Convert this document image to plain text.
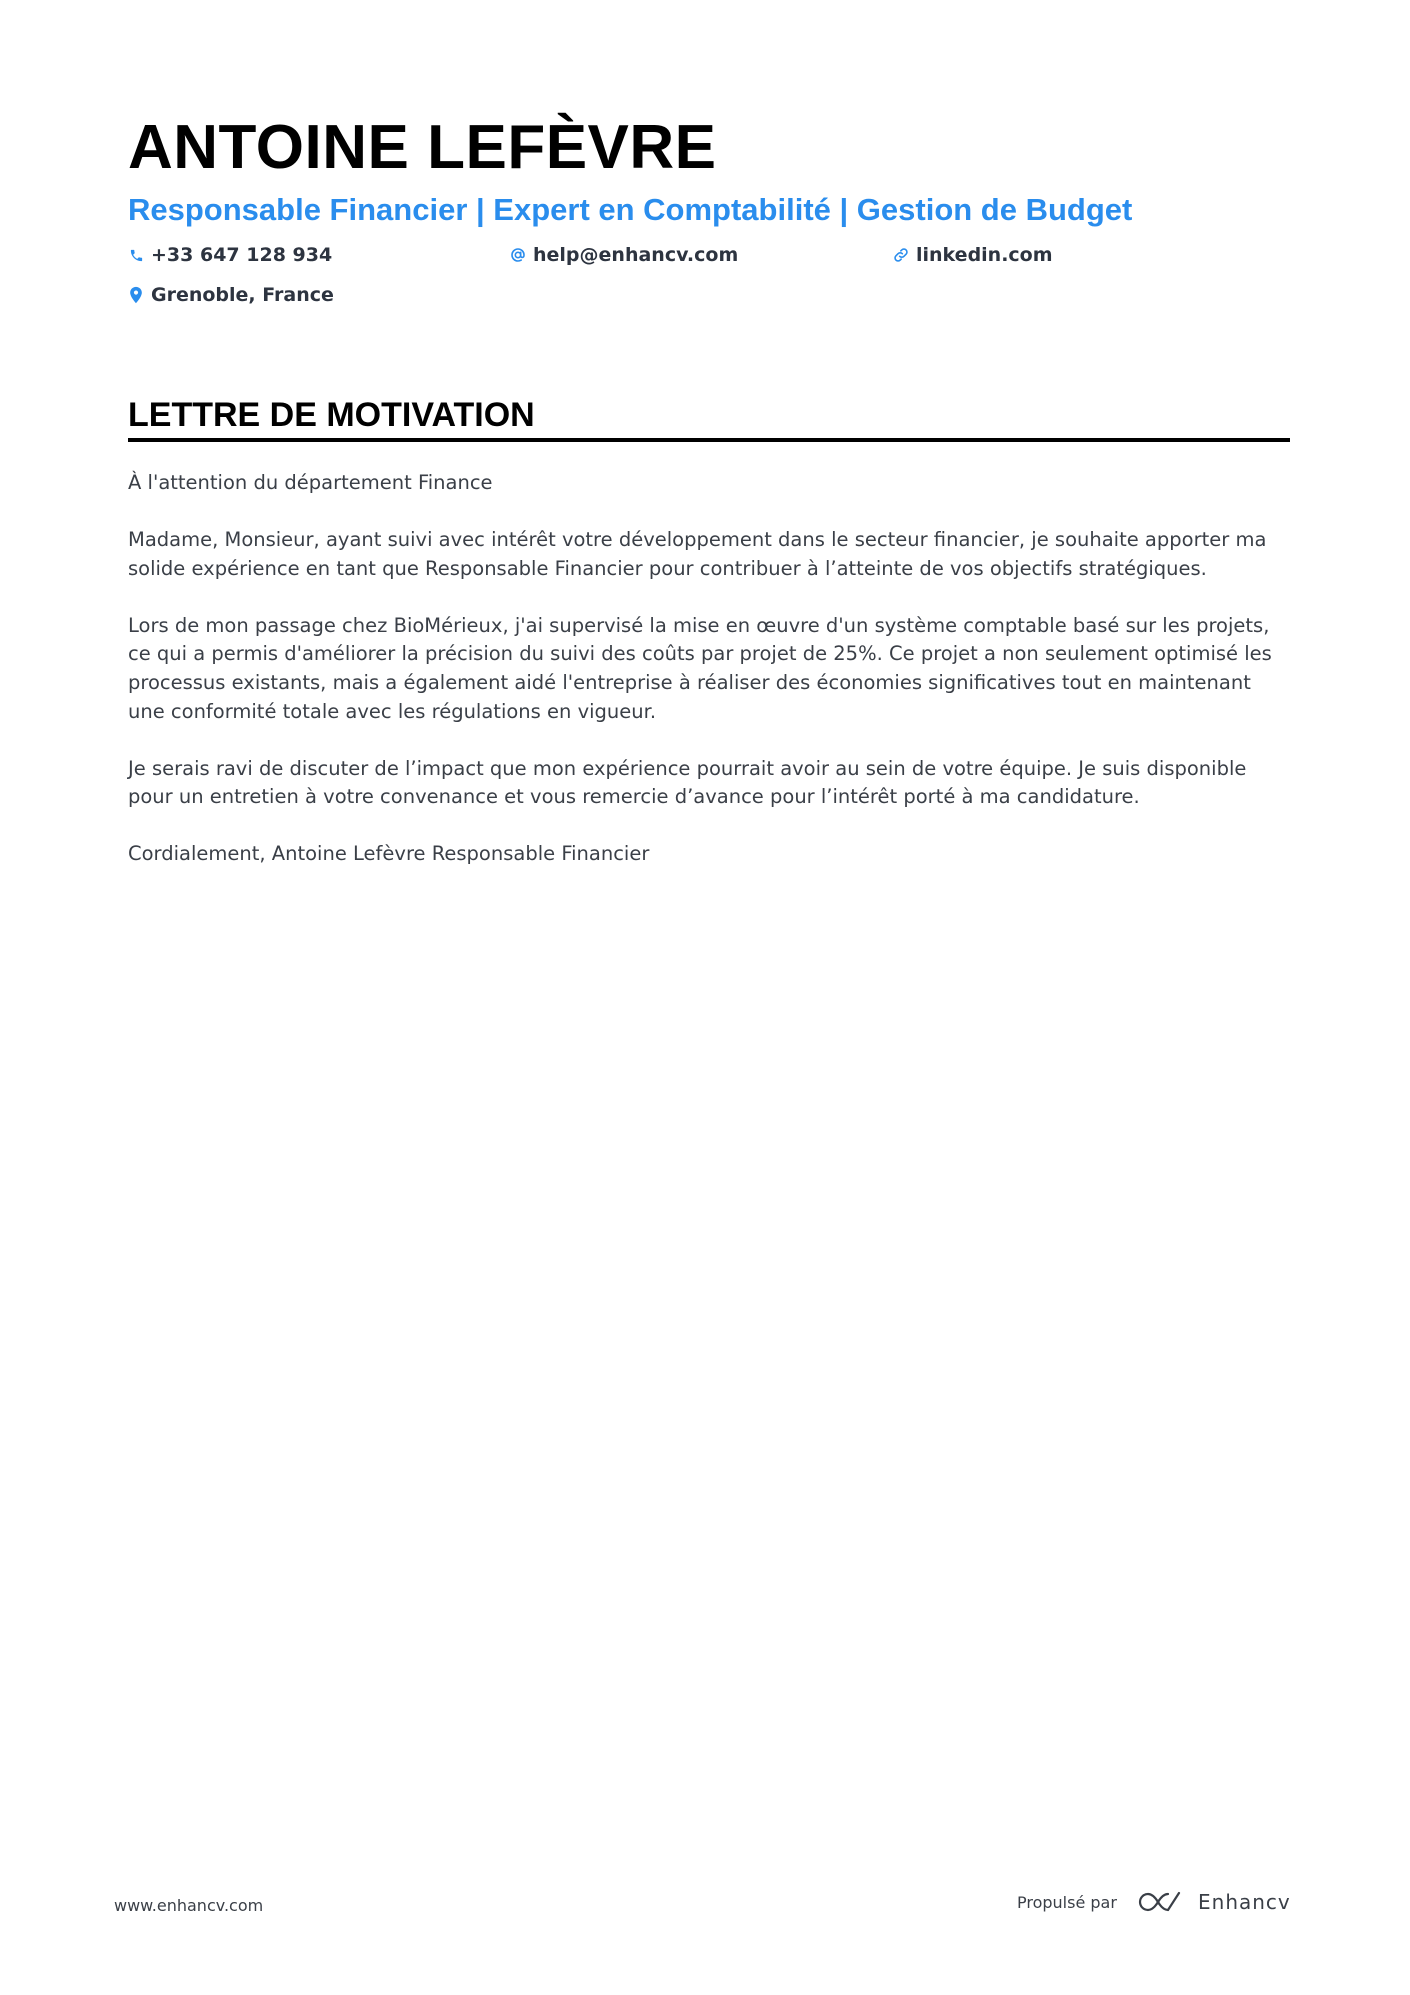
ANTOINE LEFÈVRE
Responsable Financier | Expert en Comptabilité | Gestion de Budget
+33 647 128 934	help@enhancv.com	linkedin.com
Grenoble, France
LETTRE DE MOTIVATION

À l'attention du département Finance

Madame, Monsieur, ayant suivi avec intérêt votre développement dans le secteur financier, je souhaite apporter ma solide expérience en tant que Responsable Financier pour contribuer à l’atteinte de vos objectifs stratégiques.

Lors de mon passage chez BioMérieux, j'ai supervisé la mise en œuvre d'un système comptable basé sur les projets, ce qui a permis d'améliorer la précision du suivi des coûts par projet de 25%. Ce projet a non seulement optimisé les processus existants, mais a également aidé l'entreprise à réaliser des économies significatives tout en maintenant une conformité totale avec les régulations en vigueur.

Je serais ravi de discuter de l’impact que mon expérience pourrait avoir au sein de votre équipe. Je suis disponible pour un entretien à votre convenance et vous remercie d’avance pour l’intérêt porté à ma candidature.

Cordialement, Antoine Lefèvre Responsable Financier

www.enhancv.com	Propulsé par	Enhancv
